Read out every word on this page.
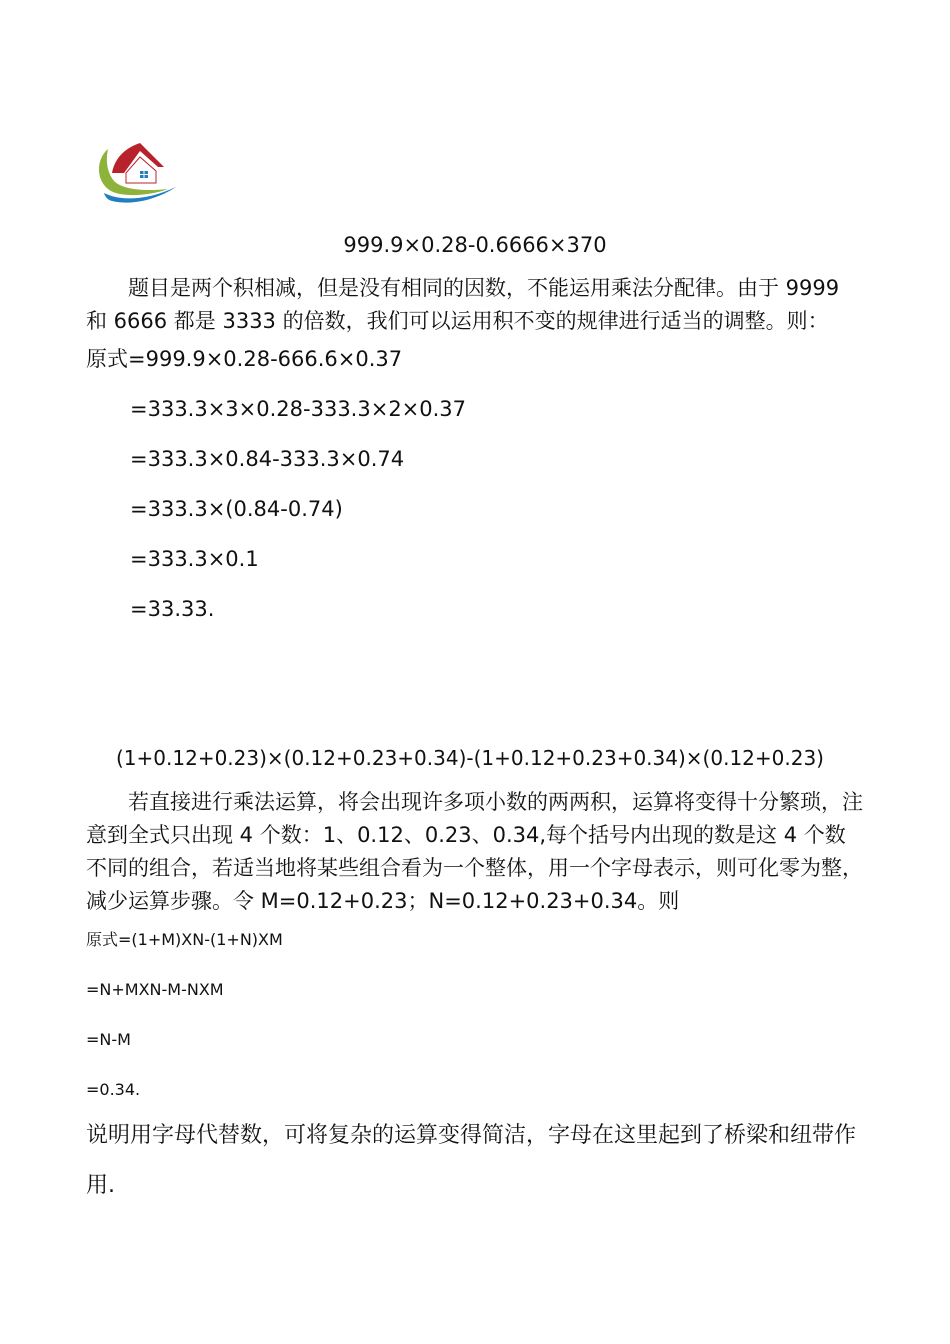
999.9×0.28-0.6666×370
题目是两个积相减，但是没有相同的因数，不能运用乘法分配律。由于 9999 和 6666 都是 3333 的倍数，我们可以运用积不变的规律进行适当的调整。则：
原式=999.9×0.28-666.6×0.37
=333.3×3×0.28-333.3×2×0.37
=333.3×0.84-333.3×0.74
=333.3×(0.84-0.74)
=333.3×0.1
=33.33.
(1+0.12+0.23)×(0.12+0.23+0.34)-(1+0.12+0.23+0.34)×(0.12+0.23)
若直接进行乘法运算，将会出现许多项小数的两两积，运算将变得十分繁琐，注意到全式只出现 4 个数：1、0.12、0.23、0.34,每个括号内出现的数是这 4 个数不同的组合，若适当地将某些组合看为一个整体，用一个字母表示，则可化零为整，减少运算步骤。令 M=0.12+0.23；N=0.12+0.23+0.34。则
原式=(1+M)XN-(1+N)XM
=N+MXN-M-NXM
=N-M
=0.34.
说明用字母代替数，可将复杂的运算变得简洁，字母在这里起到了桥梁和纽带作
用.
